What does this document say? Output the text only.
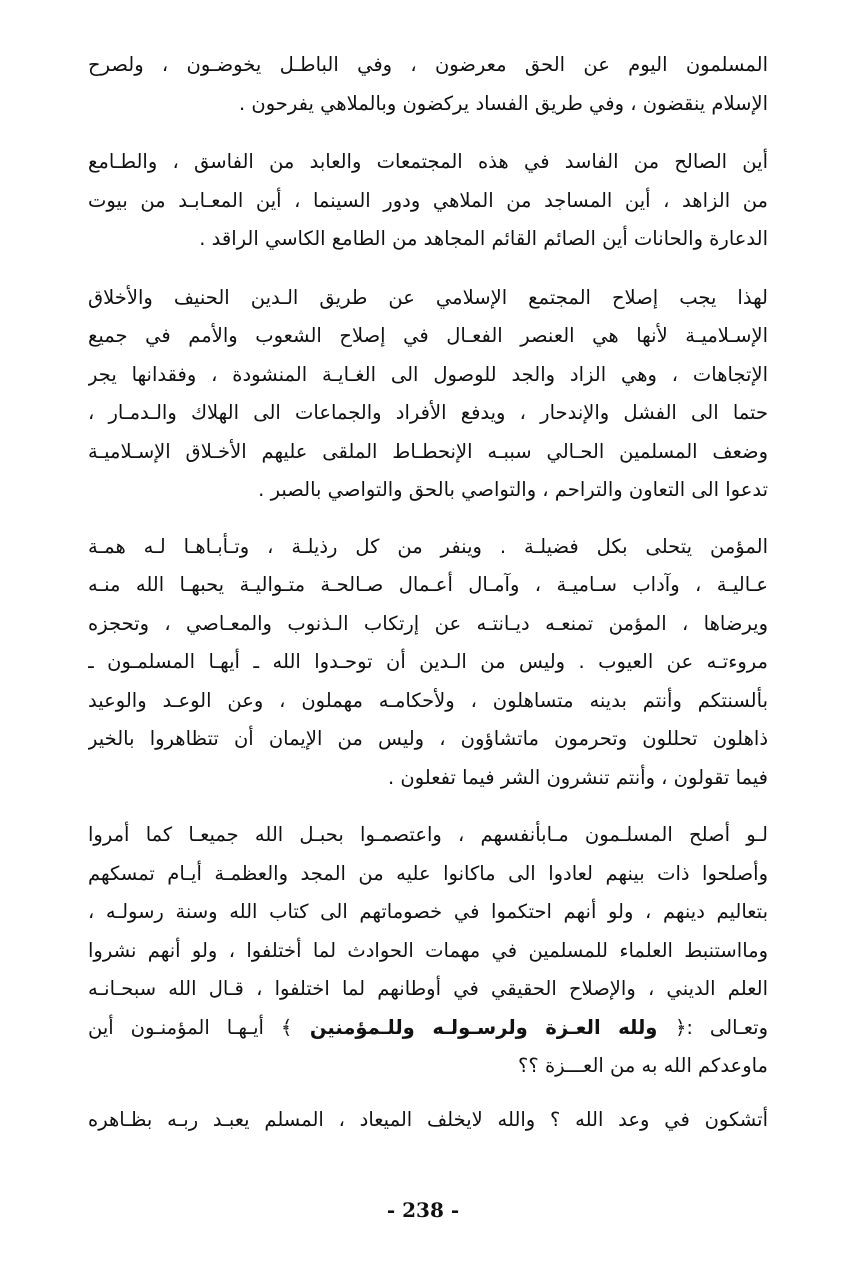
المسلمون اليوم عن الحق معرضون ، وفي الباطـل يخوضـون ، ولصرح
الإسلام ينقضون ، وفي طريق الفساد يركضون وبالملاهي يفرحون .
أين الصالح من الفاسد في هذه المجتمعات والعابد من الفاسق ، والطـامع
من الزاهد ، أين المساجد من الملاهي ودور السينما ، أين المعـابـد من بيوت
الدعارة والحانات أين الصائم القائم المجاهد من الطامع الكاسي الراقد .
لهذا يجب إصلاح المجتمع الإسلامي عن طريق الـدين الحنيف والأخلاق
الإسـلاميـة لأنها هي العنصر الفعـال في إصلاح الشعوب والأمم في جميع
الإتجاهات ، وهي الزاد والجد للوصول الى الغـايـة المنشودة ، وفقدانها يجر
حتما الى الفشل والإندحار ، ويدفع الأفراد والجماعات الى الهلاك والـدمـار ،
وضعف المسلمين الحـالي سببـه الإنحطـاط الملقى عليهم الأخـلاق الإسـلاميـة
تدعوا الى التعاون والتراحم ، والتواصي بالحق والتواصي بالصبر .
المؤمن يتحلى بكل فضيلـة . وينفر من كل رذيلـة ، وتـأبـاهـا لـه همـة
عـاليـة ، وآداب سـاميـة ، وآمـال أعـمال صـالحـة متـواليـة يحبهـا الله منـه
ويرضاها ، المؤمن تمنعـه ديـانتـه عن إرتكاب الـذنوب والمعـاصي ، وتحجزه
مروءتـه عن العيوب . وليس من الـدين أن توحـدوا الله ـ أيهـا المسلمـون ـ
بألسنتكم وأنتم بدينه متساهلون ، ولأحكامـه مهملون ، وعن الوعـد والوعيد
ذاهلون تحللون وتحرمون ماتشاؤون ، وليس من الإيمان أن تتظاهروا بالخير
فيما تقولون ، وأنتم تنشرون الشر فيما تفعلون .
لـو أصلح المسلـمون مـابأنفسهم ، واعتصمـوا بحبـل الله جميعـا كما أمروا
وأصلحوا ذات بينهم لعادوا الى ماكانوا عليه من المجد والعظمـة أيـام تمسكهم
بتعاليم دينهم ، ولو أنهم احتكموا في خصوماتهم الى كتاب الله وسنة رسولـه ،
ومااستنبط العلماء للمسلمين في مهمات الحوادث لما أختلفوا ، ولو أنهم نشروا
العلم الديني ، والإصلاح الحقيقي في أوطانهم لما اختلفوا ، قـال الله سبحـانـه
وتعـالى :﴿ ولله العـزة ولرسـولـه وللـمؤمنين ﴾ أيـهـا المؤمنـون أين
ماوعدكم الله به من العـــزة ؟؟
أتشكون في وعد الله ؟ والله لايخلف الميعاد ، المسلم يعبـد ربـه بظـاهره
- 238 -
